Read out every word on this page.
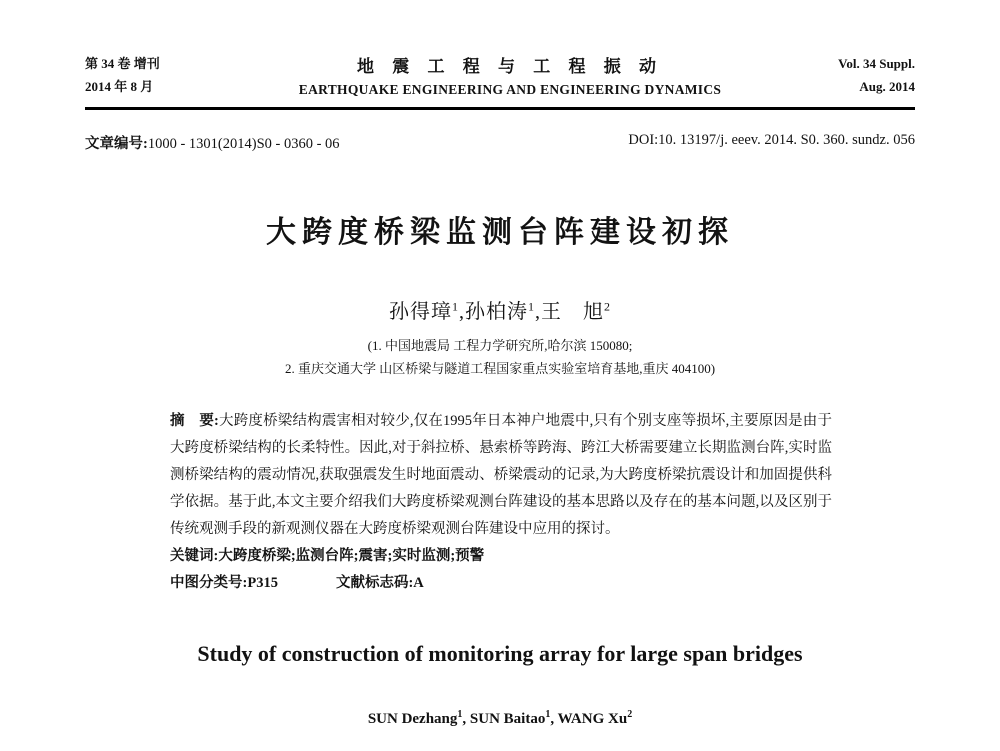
第 34 卷 增刊
2014 年 8 月
地 震 工 程 与 工 程 振 动
EARTHQUAKE ENGINEERING AND ENGINEERING DYNAMICS
Vol. 34 Suppl.
Aug. 2014
文章编号:1000 - 1301(2014)S0 - 0360 - 06	DOI:10. 13197/j. eeev. 2014. S0. 360. sundz. 056
大跨度桥梁监测台阵建设初探
孙得璋$^1$,孙柏涛$^1$,王　旭$^2$
(1. 中国地震局 工程力学研究所,哈尔滨 150080;
2. 重庆交通大学 山区桥梁与隧道工程国家重点实验室培育基地,重庆 404100)
摘　要:大跨度桥梁结构震害相对较少,仅在1995年日本神户地震中,只有个别支座等损坏,主要原因是由于大跨度桥梁结构的长柔特性。因此,对于斜拉桥、悬索桥等跨海、跨江大桥需要建立长期监测台阵,实时监测桥梁结构的震动情况,获取强震发生时地面震动、桥梁震动的记录,为大跨度桥梁抗震设计和加固提供科学依据。基于此,本文主要介绍我们大跨度桥梁观测台阵建设的基本思路以及存在的基本问题,以及区别于传统观测手段的新观测仪器在大跨度桥梁观测台阵建设中应用的探讨。
关键词:大跨度桥梁;监测台阵;震害;实时监测;预警
中图分类号:P315	文献标志码:A
Study of construction of monitoring array for large span bridges
SUN Dezhang$^1$, SUN Baitao$^1$, WANG Xu$^2$
